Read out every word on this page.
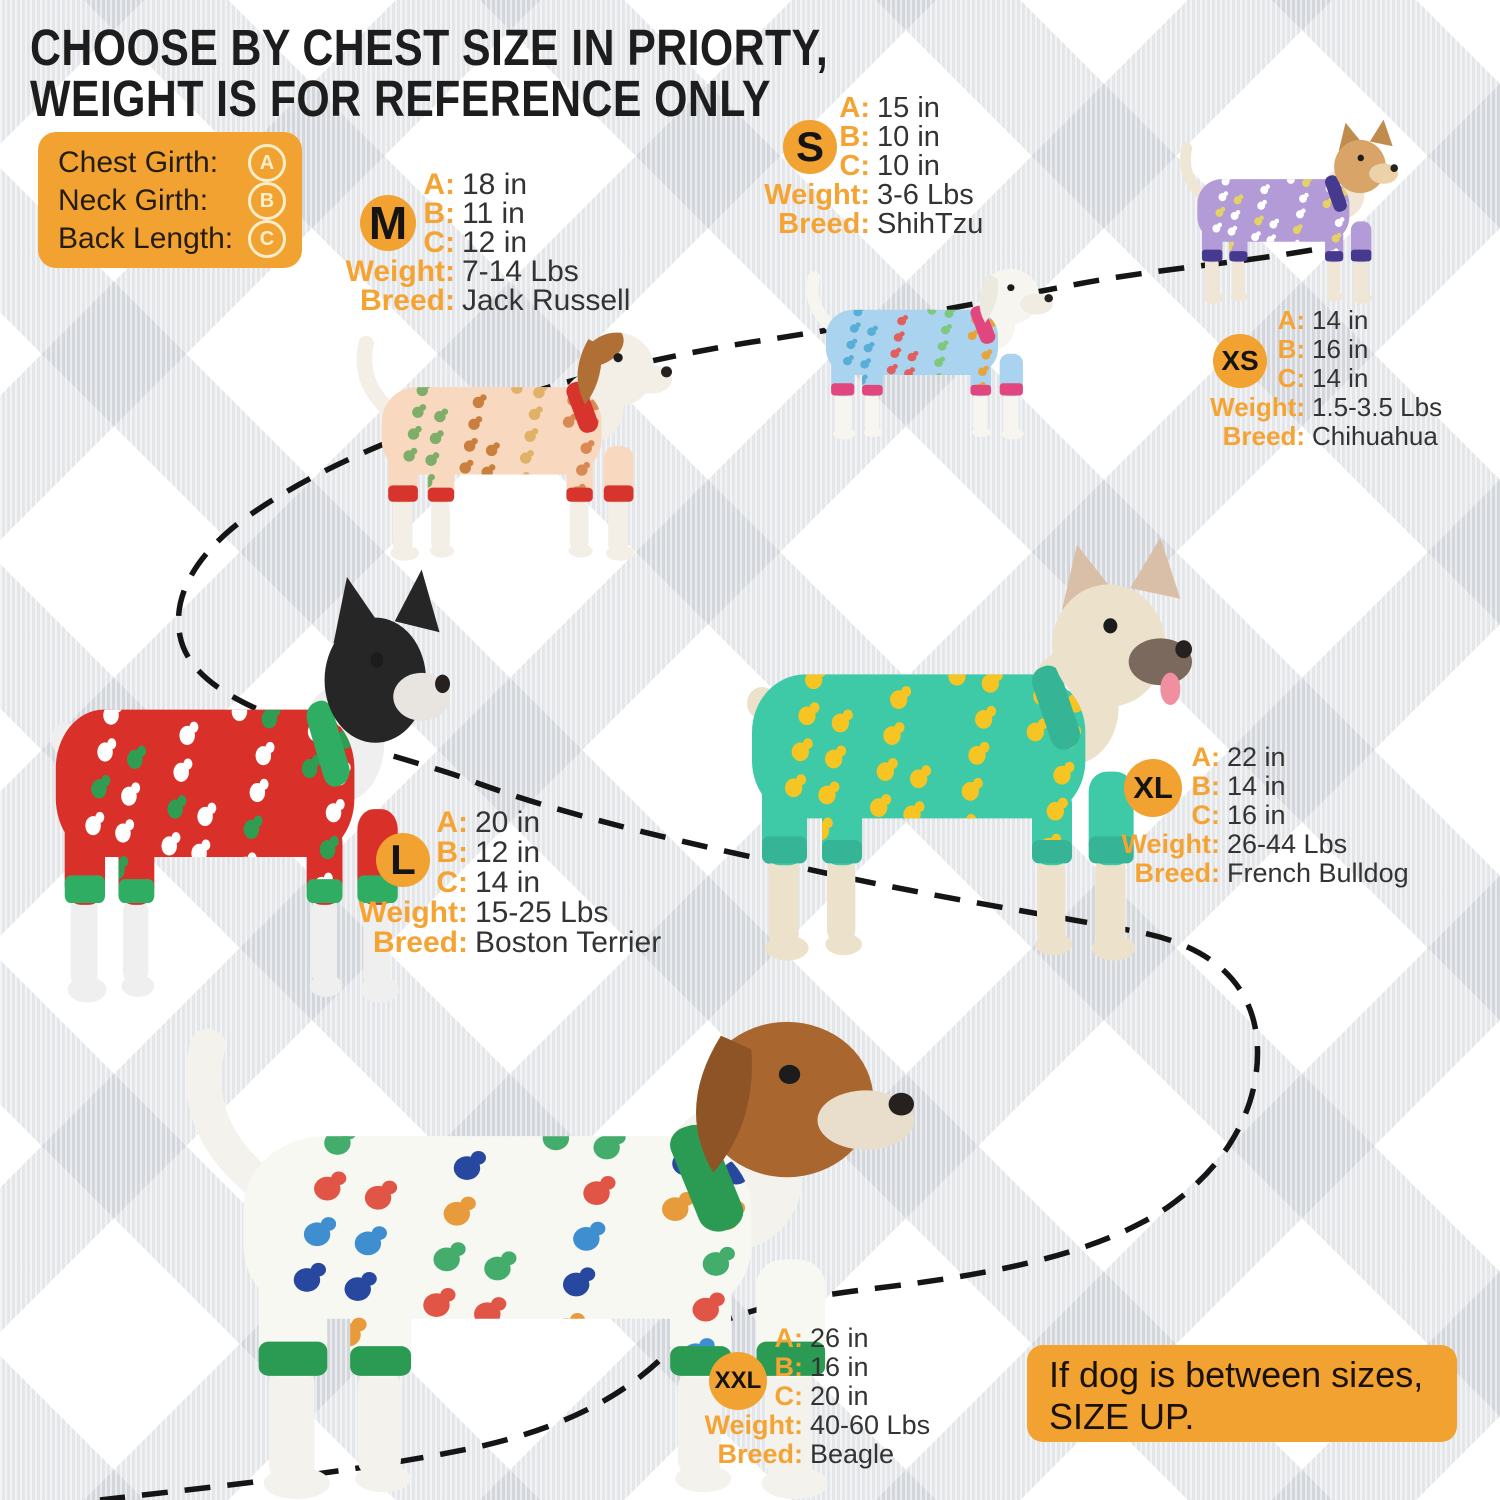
CHOOSE BY CHEST SIZE IN PRIORTY,
WEIGHT IS FOR REFERENCE ONLY
Chest Girth:	A
Neck Girth:	B
Back Length:	C
XS
A: 14 in
B: 16 in
C: 14 in
Weight: 1.5-3.5 Lbs
Breed: Chihuahua
S
A: 15 in
B: 10 in
C: 10 in
Weight: 3-6 Lbs
Breed: ShihTzu
M
A: 18 in
B: 11 in
C: 12 in
Weight: 7-14 Lbs
Breed: Jack Russell
L
A: 20 in
B: 12 in
C: 14 in
Weight: 15-25 Lbs
Breed: Boston Terrier
XL
A: 22 in
B: 14 in
C: 16 in
Weight: 26-44 Lbs
Breed: French Bulldog
XXL
A: 26 in
B: 16 in
C: 20 in
Weight: 40-60 Lbs
Breed: Beagle
If dog is between sizes,
SIZE UP.
